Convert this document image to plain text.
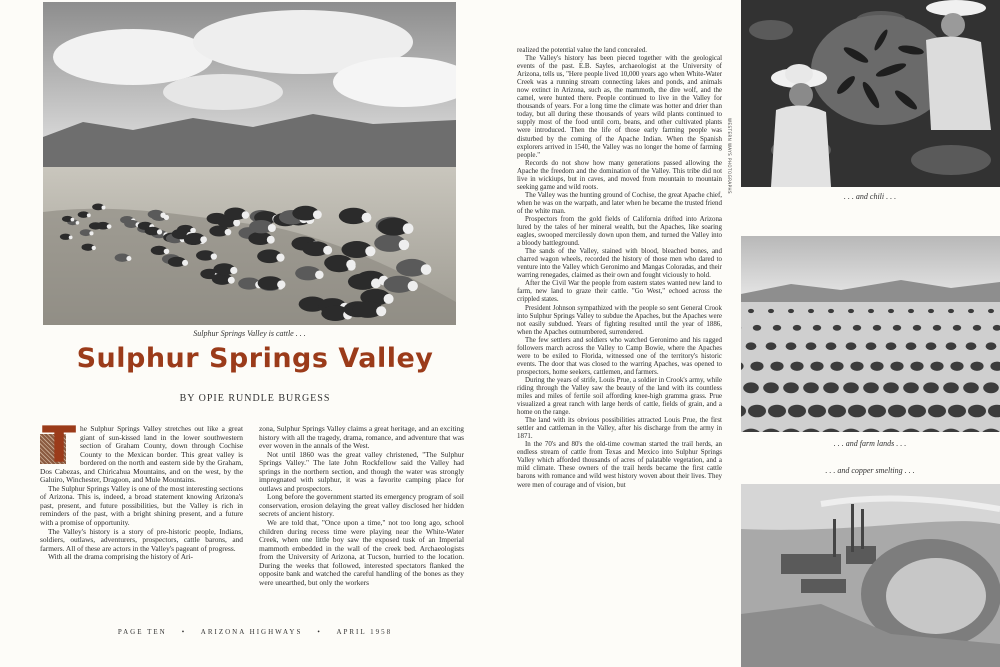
Sulphur Springs Valley is cattle . . .
Sulphur Springs Valley
BY OPIE RUNDLE BURGESS
T he Sulphur Springs Valley stretches out like a great giant of sun-kissed land in the lower southwestern section of Graham County, down through Cochise County to the Mexican border. This great valley is bordered on the north and eastern side by the Graham, Dos Cabezas, and Chiricahua Mountains, and on the west, by the Galuiro, Winchester, Dragoon, and Mule Mountains.

The Sulphur Springs Valley is one of the most interesting sections of Arizona. This is, indeed, a broad statement knowing Arizona's past, present, and future possibilities, but the Valley is rich in reminders of the past, with a bright shining present, and a future with a promise of opportunity.

The Valley's history is a story of pre-historic people, Indians, soldiers, outlaws, adventurers, prospectors, cattle barons, and farmers. All of these are actors in the Valley's pageant of progress.

With all the drama comprising the history of Ari-

zona, Sulphur Springs Valley claims a great heritage, and an exciting history with all the tragedy, drama, romance, and adventure that was ever woven in the annals of the West.

Not until 1860 was the great valley christened, "The Sulphur Springs Valley." The late John Rockfellow said the Valley had springs in the northern section, and though the water was strongly impregnated with sulphur, it was a favorite camping place for outlaws and prospectors.

Long before the government started its emergency program of soil conservation, erosion delaying the great valley disclosed her hidden secrets of ancient history.

We are told that, "Once upon a time," not too long ago, school children during recess time were playing near the White-Water Creek, when one little boy saw the exposed tusk of an Imperial mammoth embedded in the wall of the creek bed. Archaeologists from the University of Arizona, at Tucson, hurried to the location. During the weeks that followed, interested spectators flanked the opposite bank and watched the careful handling of the bones as they were unearthed, but only the workers

realized the potential value the land concealed.

The Valley's history has been pieced together with the geological events of the past. E.B. Sayles, archaeologist at the University of Arizona, tells us, "Here people lived 10,000 years ago when White-Water Creek was a running stream connecting lakes and ponds, and animals now extinct in Arizona, such as, the mammoth, the dire wolf, and the camel, were hunted there. People continued to live in the Valley for thousands of years. For a long time the climate was hotter and drier than today, but all during these thousands of years wild plants continued to supply most of the food until corn, beans, and other cultivated plants were introduced. Then the life of those early farming people was disturbed by the coming of the Apache Indian. When the Spanish explorers arrived in 1540, the Valley was no longer the home of farming people."

Records do not show how many generations passed allowing the Apache the freedom and the domination of the Valley. This tribe did not live in wickiups, but in caves, and moved from mountain to mountain seeking game and wild roots.

The Valley was the hunting ground of Cochise, the great Apache chief, when he was on the warpath, and later when he became the trusted friend of the white man.

Prospectors from the gold fields of California drifted into Arizona lured by the tales of her mineral wealth, but the Apaches, like soaring eagles, swooped mercilessly down upon them, and turned the Valley into a bloody battleground.

The sands of the Valley, stained with blood, bleached bones, and charred wagon wheels, recorded the history of those men who dared to venture into the Valley which Geronimo and Mangas Coloradas, and their warring renegades, claimed as their own and fought viciously to hold.

After the Civil War the people from eastern states wanted new land to farm, new land to graze their cattle. "Go West," echoed across the crippled states.

President Johnson sympathized with the people so sent General Crook into Sulphur Springs Valley to subdue the Apaches, but the Apaches were not easily subdued. Years of fighting resulted until the year of 1886, when the Apaches outnumbered, surrendered.

The few settlers and soldiers who watched Geronimo and his ragged followers march across the Valley to Camp Bowie, where the Apaches were to be exiled to Florida, witnessed one of the territory's historic events. The door that was closed to the warring Apaches, was opened to prospectors, home seekers, cattlemen, and farmers.

During the years of strife, Louis Prue, a soldier in Crook's army, while riding through the Valley saw the beauty of the land with its countless miles and miles of fertile soil affording knee-high gramma grass. Prue visualized a great ranch with large herds of cattle, fields of grain, and a home on the range.

The land with its obvious possibilities attracted Louis Prue, the first settler and cattleman in the Valley, after his discharge from the army in 1871.

In the 70's and 80's the old-time cowman started the trail herds, an endless stream of cattle from Texas and Mexico into Sulphur Springs Valley which afforded thousands of acres of palatable vegetation, and a mild climate. These owners of the trail herds became the first cattle barons with romance and wild west history woven about their lives. They were men of courage and of vision, but

WESTERN WAYS PHOTOGRAPHS
. . . and chili . . .
. . . and farm lands . . .
. . . and copper smelting . . .
PAGE TEN • ARIZONA HIGHWAYS • APRIL 1958
